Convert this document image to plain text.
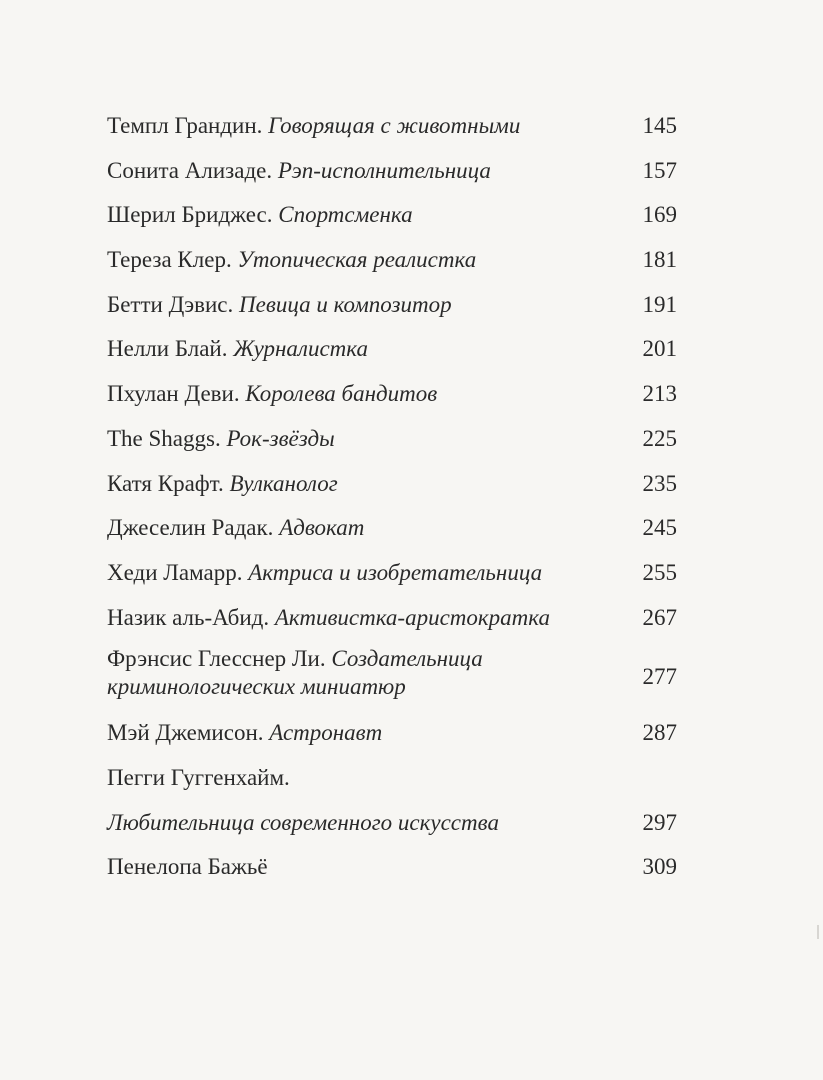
Темпл Грандин. Говорящая с животными	145
Сонита Ализаде. Рэп-исполнительница	157
Шерил Бриджес. Спортсменка	169
Тереза Клер. Утопическая реалистка	181
Бетти Дэвис. Певица и композитор	191
Нелли Блай. Журналистка	201
Пхулан Деви. Королева бандитов	213
The Shaggs. Рок-звёзды	225
Катя Крафт. Вулканолог	235
Джеселин Радак. Адвокат	245
Хеди Ламарр. Актриса и изобретательница	255
Назик аль-Абид. Активистка-аристократка	267
Фрэнсис Глесснер Ли. Создательница
криминологических миниатюр	277
Мэй Джемисон. Астронавт	287
Пегги Гуггенхайм.
Любительница современного искусства	297
Пенелопа Бажьё	309
